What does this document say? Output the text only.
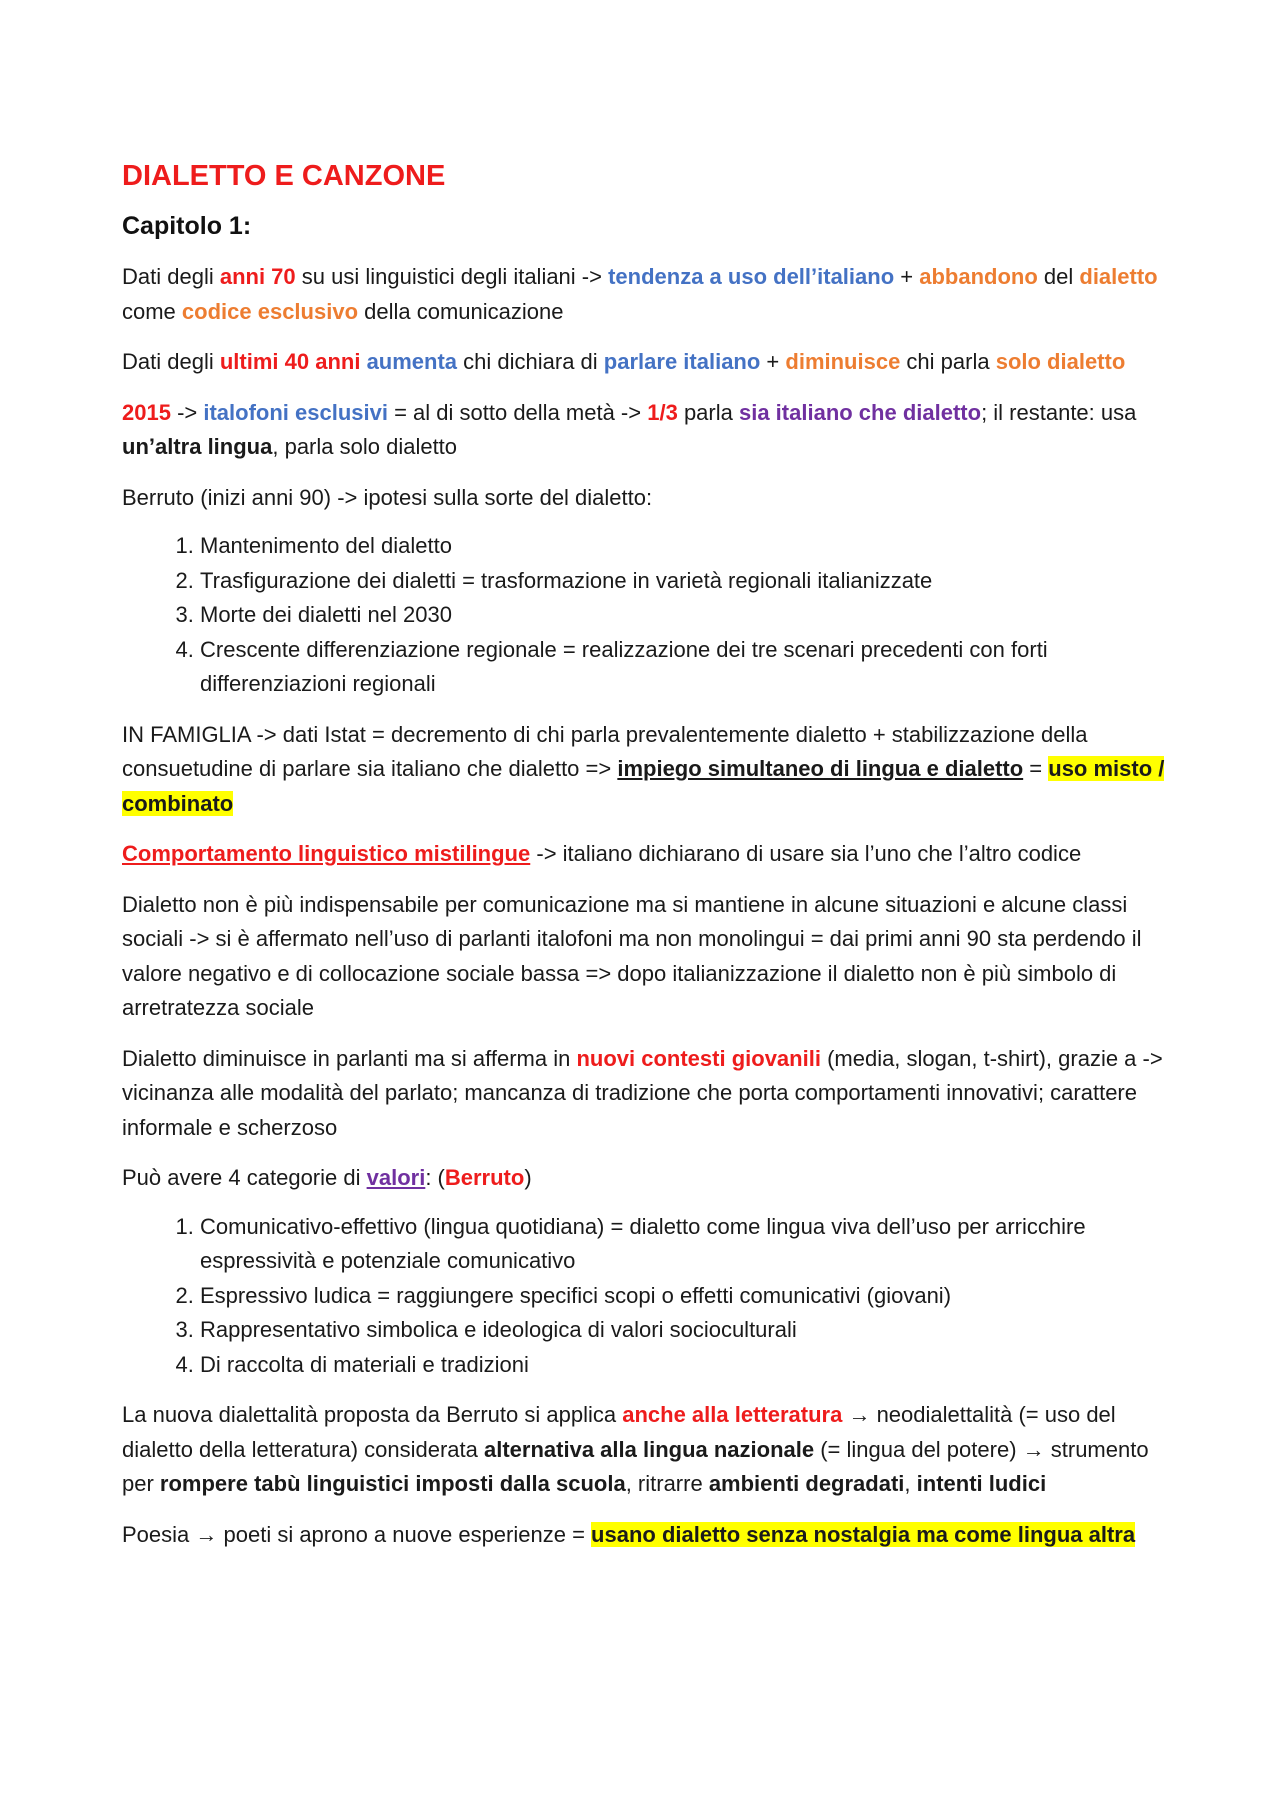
DIALETTO E CANZONE
Capitolo 1:

Dati degli anni 70 su usi linguistici degli italiani -> tendenza a uso dell’italiano + abbandono del dialetto come codice esclusivo della comunicazione

Dati degli ultimi 40 anni aumenta chi dichiara di parlare italiano + diminuisce chi parla solo dialetto

2015 -> italofoni esclusivi = al di sotto della metà -> 1/3 parla sia italiano che dialetto; il restante: usa un’altra lingua, parla solo dialetto

Berruto (inizi anni 90) -> ipotesi sulla sorte del dialetto:

1. Mantenimento del dialetto
2. Trasfigurazione dei dialetti = trasformazione in varietà regionali italianizzate
3. Morte dei dialetti nel 2030
4. Crescente differenziazione regionale = realizzazione dei tre scenari precedenti con forti differenziazioni regionali

IN FAMIGLIA -> dati Istat = decremento di chi parla prevalentemente dialetto + stabilizzazione della consuetudine di parlare sia italiano che dialetto => impiego simultaneo di lingua e dialetto = uso misto / combinato

Comportamento linguistico mistilingue -> italiano dichiarano di usare sia l’uno che l’altro codice

Dialetto non è più indispensabile per comunicazione ma si mantiene in alcune situazioni e alcune classi sociali -> si è affermato nell’uso di parlanti italofoni ma non monolingui = dai primi anni 90 sta perdendo il valore negativo e di collocazione sociale bassa => dopo italianizzazione il dialetto non è più simbolo di arretratezza sociale

Dialetto diminuisce in parlanti ma si afferma in nuovi contesti giovanili (media, slogan, t-shirt), grazie a -> vicinanza alle modalità del parlato; mancanza di tradizione che porta comportamenti innovativi; carattere informale e scherzoso

Può avere 4 categorie di valori: (Berruto)

1. Comunicativo-effettivo (lingua quotidiana) = dialetto come lingua viva dell’uso per arricchire espressività e potenziale comunicativo
2. Espressivo ludica = raggiungere specifici scopi o effetti comunicativi (giovani)
3. Rappresentativo simbolica e ideologica di valori socioculturali
4. Di raccolta di materiali e tradizioni

La nuova dialettalità proposta da Berruto si applica anche alla letteratura → neodialettalità (= uso del dialetto della letteratura) considerata alternativa alla lingua nazionale (= lingua del potere) → strumento per rompere tabù linguistici imposti dalla scuola, ritrarre ambienti degradati, intenti ludici

Poesia → poeti si aprono a nuove esperienze = usano dialetto senza nostalgia ma come lingua altra
